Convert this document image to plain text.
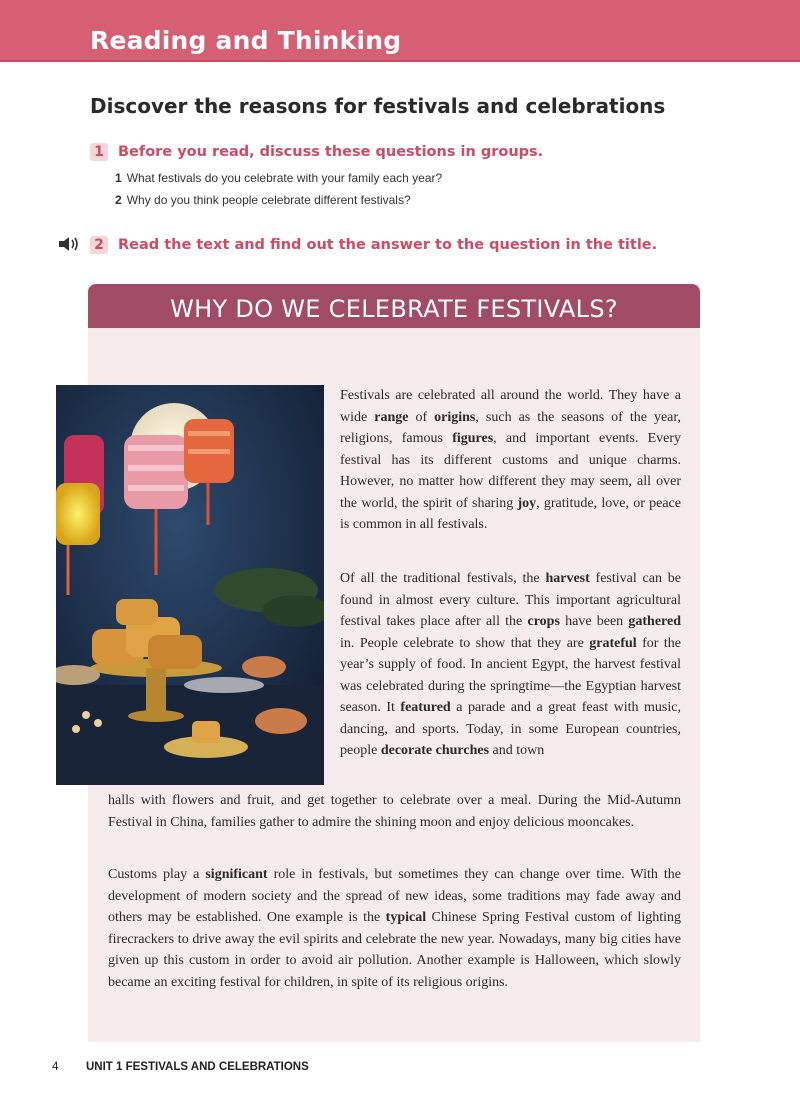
Reading and Thinking
Discover the reasons for festivals and celebrations
1 Before you read, discuss these questions in groups.
1 What festivals do you celebrate with your family each year?
2 Why do you think people celebrate different festivals?
2 Read the text and find out the answer to the question in the title.
WHY DO WE CELEBRATE FESTIVALS?
Festivals are celebrated all around the world. They have a wide range of origins, such as the seasons of the year, religions, famous figures, and important events. Every festival has its different customs and unique charms. However, no matter how different they may seem, all over the world, the spirit of sharing joy, gratitude, love, or peace is common in all festivals.
Of all the traditional festivals, the harvest festival can be found in almost every culture. This important agricultural festival takes place after all the crops have been gathered in. People celebrate to show that they are grateful for the year’s supply of food. In ancient Egypt, the harvest festival was celebrated during the springtime—the Egyptian harvest season. It featured a parade and a great feast with music, dancing, and sports. Today, in some European countries, people decorate churches and town
halls with flowers and fruit, and get together to celebrate over a meal. During the Mid-Autumn Festival in China, families gather to admire the shining moon and enjoy delicious mooncakes.
Customs play a significant role in festivals, but sometimes they can change over time. With the development of modern society and the spread of new ideas, some traditions may fade away and others may be established. One example is the typical Chinese Spring Festival custom of lighting firecrackers to drive away the evil spirits and celebrate the new year. Nowadays, many big cities have given up this custom in order to avoid air pollution. Another example is Halloween, which slowly became an exciting festival for children, in spite of its religious origins.
4 UNIT 1 FESTIVALS AND CELEBRATIONS
